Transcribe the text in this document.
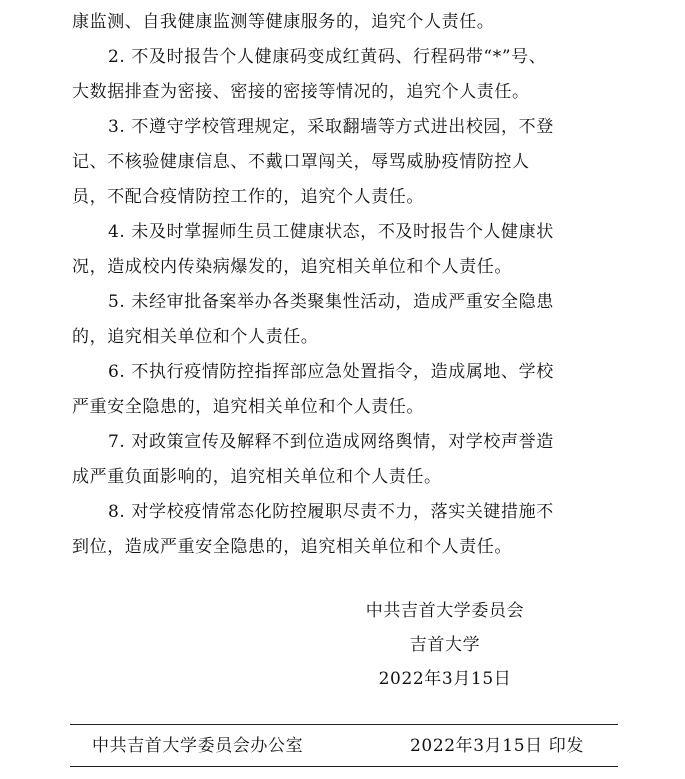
康监测、自我健康监测等健康服务的，追究个人责任。
2. 不及时报告个人健康码变成红黄码、行程码带“*”号、
大数据排查为密接、密接的密接等情况的，追究个人责任。
3. 不遵守学校管理规定，采取翻墙等方式进出校园，不登
记、不核验健康信息、不戴口罩闯关，辱骂威胁疫情防控人
员，不配合疫情防控工作的，追究个人责任。
4. 未及时掌握师生员工健康状态，不及时报告个人健康状
况，造成校内传染病爆发的，追究相关单位和个人责任。
5. 未经审批备案举办各类聚集性活动，造成严重安全隐患
的，追究相关单位和个人责任。
6. 不执行疫情防控指挥部应急处置指令，造成属地、学校
严重安全隐患的，追究相关单位和个人责任。
7. 对政策宣传及解释不到位造成网络舆情，对学校声誉造
成严重负面影响的，追究相关单位和个人责任。
8. 对学校疫情常态化防控履职尽责不力，落实关键措施不
到位，造成严重安全隐患的，追究相关单位和个人责任。
中共吉首大学委员会
吉首大学
2022年3月15日
中共吉首大学委员会办公室	2022年3月15日 印发
